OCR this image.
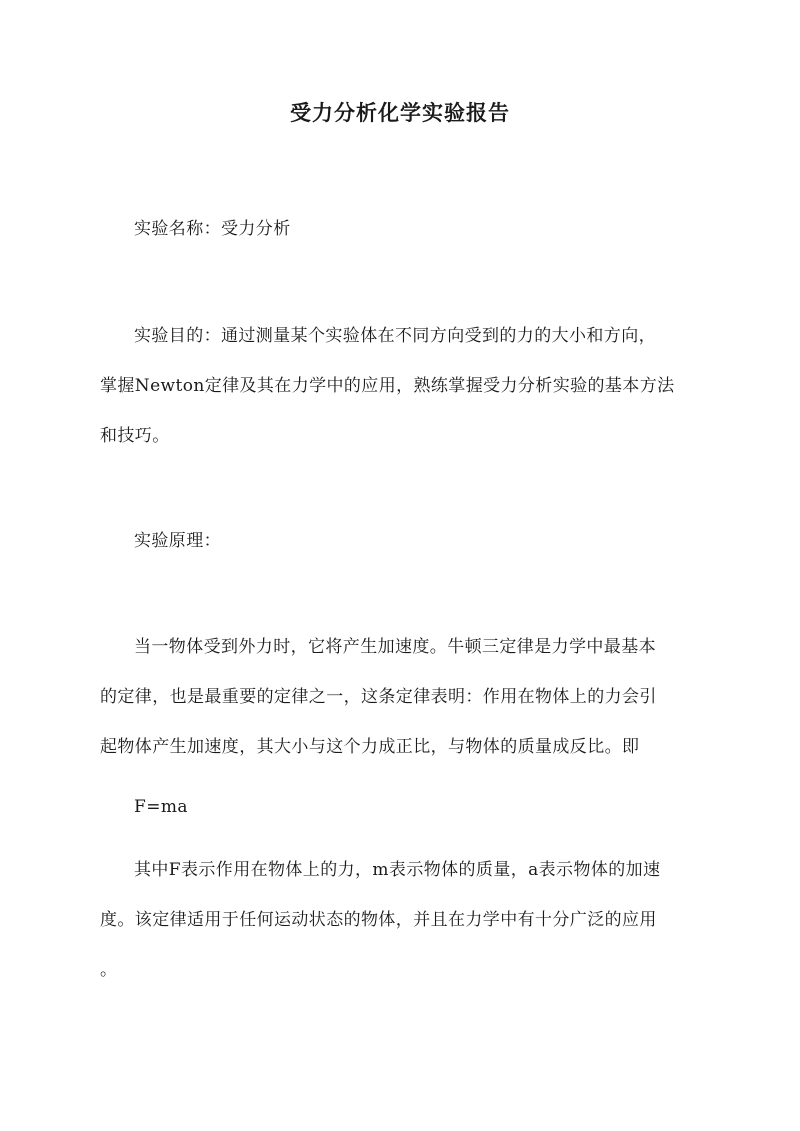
受力分析化学实验报告
实验名称：受力分析
实验目的：通过测量某个实验体在不同方向受到的力的大小和方向，
掌握Newton定律及其在力学中的应用，熟练掌握受力分析实验的基本方法
和技巧。
实验原理：
当一物体受到外力时，它将产生加速度。牛顿三定律是力学中最基本
的定律，也是最重要的定律之一，这条定律表明：作用在物体上的力会引
起物体产生加速度，其大小与这个力成正比，与物体的质量成反比。即
F=ma
其中F表示作用在物体上的力，m表示物体的质量，a表示物体的加速
度。该定律适用于任何运动状态的物体，并且在力学中有十分广泛的应用
。
